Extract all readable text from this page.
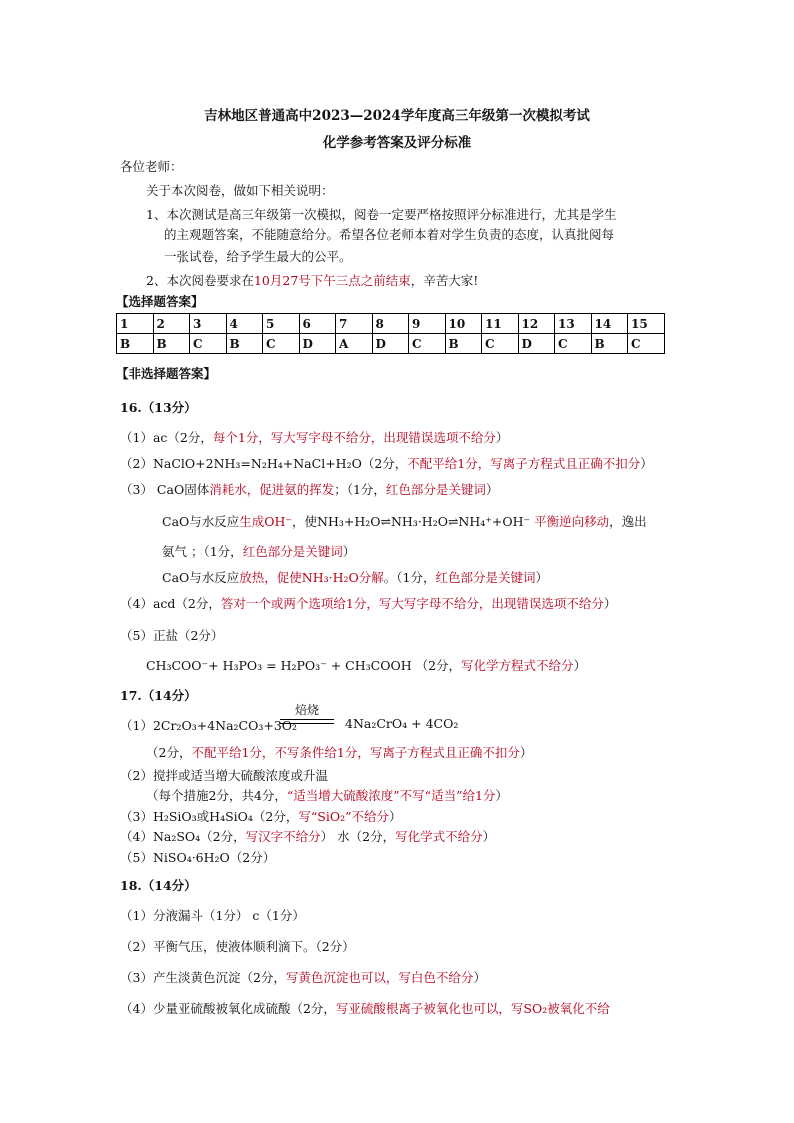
吉林地区普通高中2023—2024学年度高三年级第一次模拟考试
化学参考答案及评分标准
各位老师：
关于本次阅卷，做如下相关说明：
1、本次测试是高三年级第一次模拟，阅卷一定要严格按照评分标准进行，尤其是学生
的主观题答案，不能随意给分。希望各位老师本着对学生负责的态度，认真批阅每
一张试卷，给予学生最大的公平。
2、本次阅卷要求在10月27号下午三点之前结束，辛苦大家!
【选择题答案】
1	2	3	4	5	6	7	8	9	10	11	12	13	14	15
B	B	C	B	C	D	A	D	C	B	C	D	C	B	C
【非选择题答案】
16.（13分）
（1）ac（2分，每个1分，写大写字母不给分，出现错误选项不给分）
（2）NaClO+2NH₃=N₂H₄+NaCl+H₂O（2分，不配平给1分，写离子方程式且正确不扣分）
（3） CaO固体消耗水，促进氨的挥发；（1分，红色部分是关键词）
CaO与水反应生成OH⁻，使NH₃+H₂O⇌NH₃·H₂O⇌NH₄⁺+OH⁻ 平衡逆向移动，逸出
氨气 ；（1分，红色部分是关键词）
CaO与水反应放热，促使NH₃·H₂O分解。（1分，红色部分是关键词）
（4）acd（2分，答对一个或两个选项给1分，写大写字母不给分，出现错误选项不给分）
（5）正盐（2分）
CH₃COO⁻+ H₃PO₃ = H₂PO₃⁻ + CH₃COOH （2分，写化学方程式不给分）
17.（14分）
（1）2Cr₂O₃+4Na₂CO₃+3O₂
焙烧
4Na₂CrO₄ + 4CO₂
（2分，不配平给1分，不写条件给1分，写离子方程式且正确不扣分）
（2）搅拌或适当增大硫酸浓度或升温
（每个措施2分，共4分，“适当增大硫酸浓度”不写“适当”给1分）
（3）H₂SiO₃或H₄SiO₄（2分，写“SiO₂”不给分）
（4）Na₂SO₄（2分，写汉字不给分） 水（2分，写化学式不给分）
（5）NiSO₄·6H₂O（2分）
18.（14分）
（1）分液漏斗（1分） c（1分）
（2）平衡气压，使液体顺利滴下。（2分）
（3）产生淡黄色沉淀（2分，写黄色沉淀也可以，写白色不给分）
（4）少量亚硫酸被氧化成硫酸（2分，写亚硫酸根离子被氧化也可以，写SO₂被氧化不给
